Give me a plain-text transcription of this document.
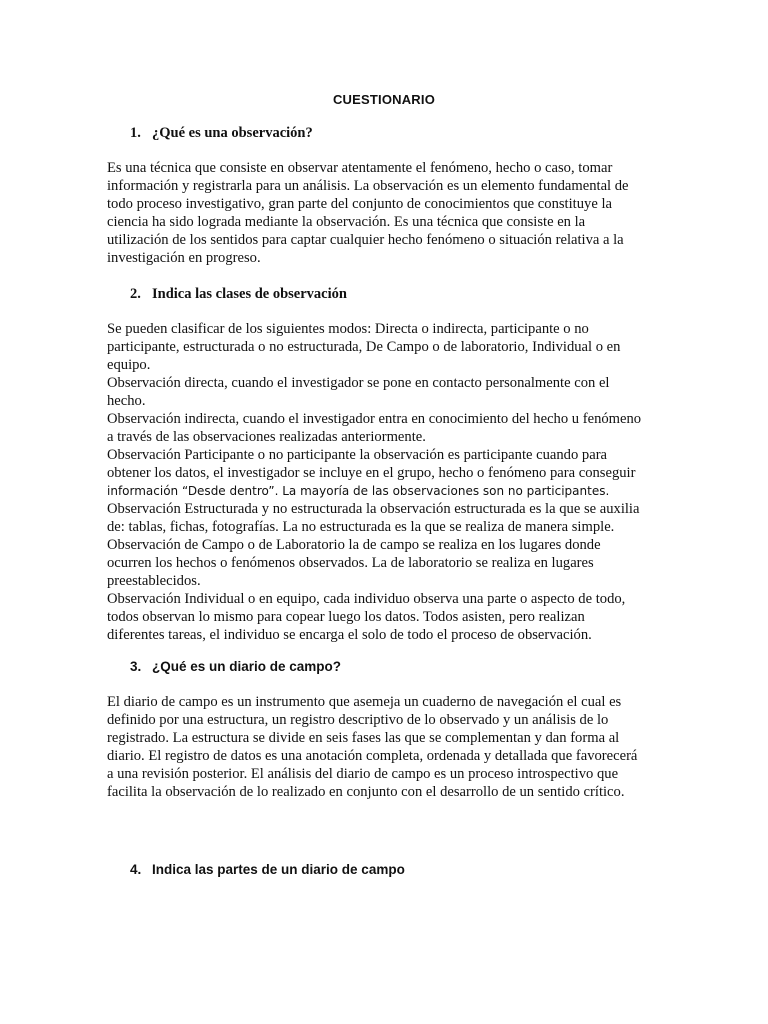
CUESTIONARIO
1. ¿Qué es una observación?
Es una técnica que consiste en observar atentamente el fenómeno, hecho o caso, tomar
información y registrarla para un análisis. La observación es un elemento fundamental de
todo proceso investigativo, gran parte del conjunto de conocimientos que constituye la
ciencia ha sido lograda mediante la observación. Es una técnica que consiste en la
utilización de los sentidos para captar cualquier hecho fenómeno o situación relativa a la
investigación en progreso.
2. Indica las clases de observación
Se pueden clasificar de los siguientes modos: Directa o indirecta, participante o no
participante, estructurada o no estructurada, De Campo o de laboratorio, Individual o en
equipo.
Observación directa, cuando el investigador se pone en contacto personalmente con el
hecho.
Observación indirecta, cuando el investigador entra en conocimiento del hecho u fenómeno
a través de las observaciones realizadas anteriormente.
Observación Participante o no participante la observación es participante cuando para
obtener los datos, el investigador se incluye en el grupo, hecho o fenómeno para conseguir
información “Desde dentro”. La mayoría de las observaciones son no participantes.
Observación Estructurada y no estructurada la observación estructurada es la que se auxilia
de: tablas, fichas, fotografías. La no estructurada es la que se realiza de manera simple.
Observación de Campo o de Laboratorio la de campo se realiza en los lugares donde
ocurren los hechos o fenómenos observados. La de laboratorio se realiza en lugares
preestablecidos.
Observación Individual o en equipo, cada individuo observa una parte o aspecto de todo,
todos observan lo mismo para copear luego los datos. Todos asisten, pero realizan
diferentes tareas, el individuo se encarga el solo de todo el proceso de observación.
3. ¿Qué es un diario de campo?
El diario de campo es un instrumento que asemeja un cuaderno de navegación el cual es
definido por una estructura, un registro descriptivo de lo observado y un análisis de lo
registrado. La estructura se divide en seis fases las que se complementan y dan forma al
diario. El registro de datos es una anotación completa, ordenada y detallada que favorecerá
a una revisión posterior. El análisis del diario de campo es un proceso introspectivo que
facilita la observación de lo realizado en conjunto con el desarrollo de un sentido crítico.
4. Indica las partes de un diario de campo
